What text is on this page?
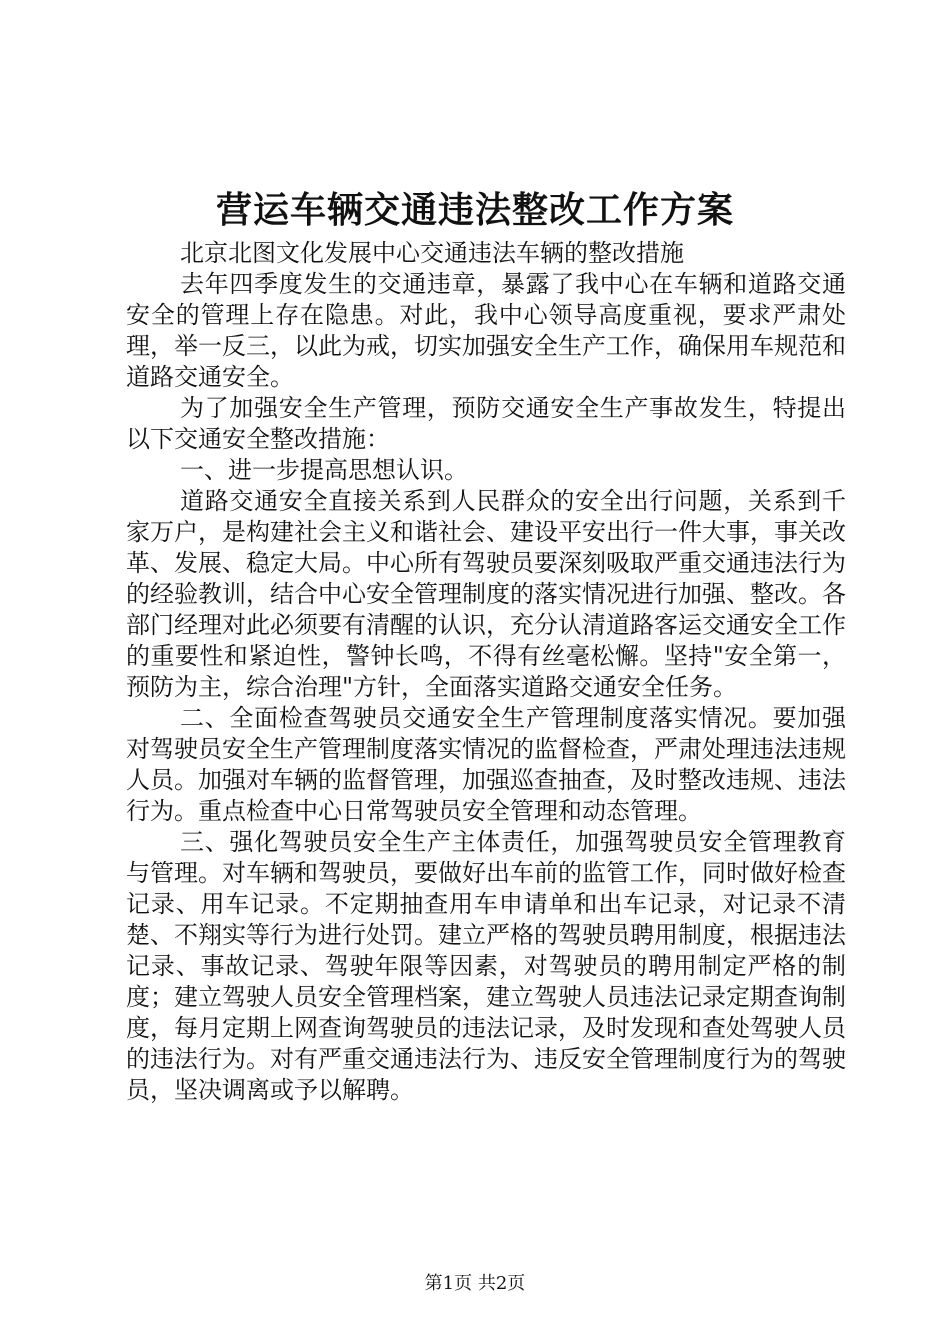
营运车辆交通违法整改工作方案

北京北图文化发展中心交通违法车辆的整改措施

去年四季度发生的交通违章，暴露了我中心在车辆和道路交通安全的管理上存在隐患。对此，我中心领导高度重视，要求严肃处理，举一反三，以此为戒，切实加强安全生产工作，确保用车规范和道路交通安全。

为了加强安全生产管理，预防交通安全生产事故发生，特提出以下交通安全整改措施：

一、进一步提高思想认识。

道路交通安全直接关系到人民群众的安全出行问题，关系到千家万户，是构建社会主义和谐社会、建设平安出行一件大事，事关改革、发展、稳定大局。中心所有驾驶员要深刻吸取严重交通违法行为的经验教训，结合中心安全管理制度的落实情况进行加强、整改。各部门经理对此必须要有清醒的认识，充分认清道路客运交通安全工作的重要性和紧迫性，警钟长鸣，不得有丝毫松懈。坚持"安全第一，预防为主，综合治理"方针，全面落实道路交通安全任务。

二、全面检查驾驶员交通安全生产管理制度落实情况。要加强对驾驶员安全生产管理制度落实情况的监督检查，严肃处理违法违规人员。加强对车辆的监督管理，加强巡查抽查，及时整改违规、违法行为。重点检查中心日常驾驶员安全管理和动态管理。

三、强化驾驶员安全生产主体责任，加强驾驶员安全管理教育与管理。对车辆和驾驶员，要做好出车前的监管工作，同时做好检查记录、用车记录。不定期抽查用车申请单和出车记录，对记录不清楚、不翔实等行为进行处罚。建立严格的驾驶员聘用制度，根据违法记录、事故记录、驾驶年限等因素，对驾驶员的聘用制定严格的制度；建立驾驶人员安全管理档案，建立驾驶人员违法记录定期查询制度，每月定期上网查询驾驶员的违法记录，及时发现和查处驾驶人员的违法行为。对有严重交通违法行为、违反安全管理制度行为的驾驶员，坚决调离或予以解聘。

第1页 共2页
